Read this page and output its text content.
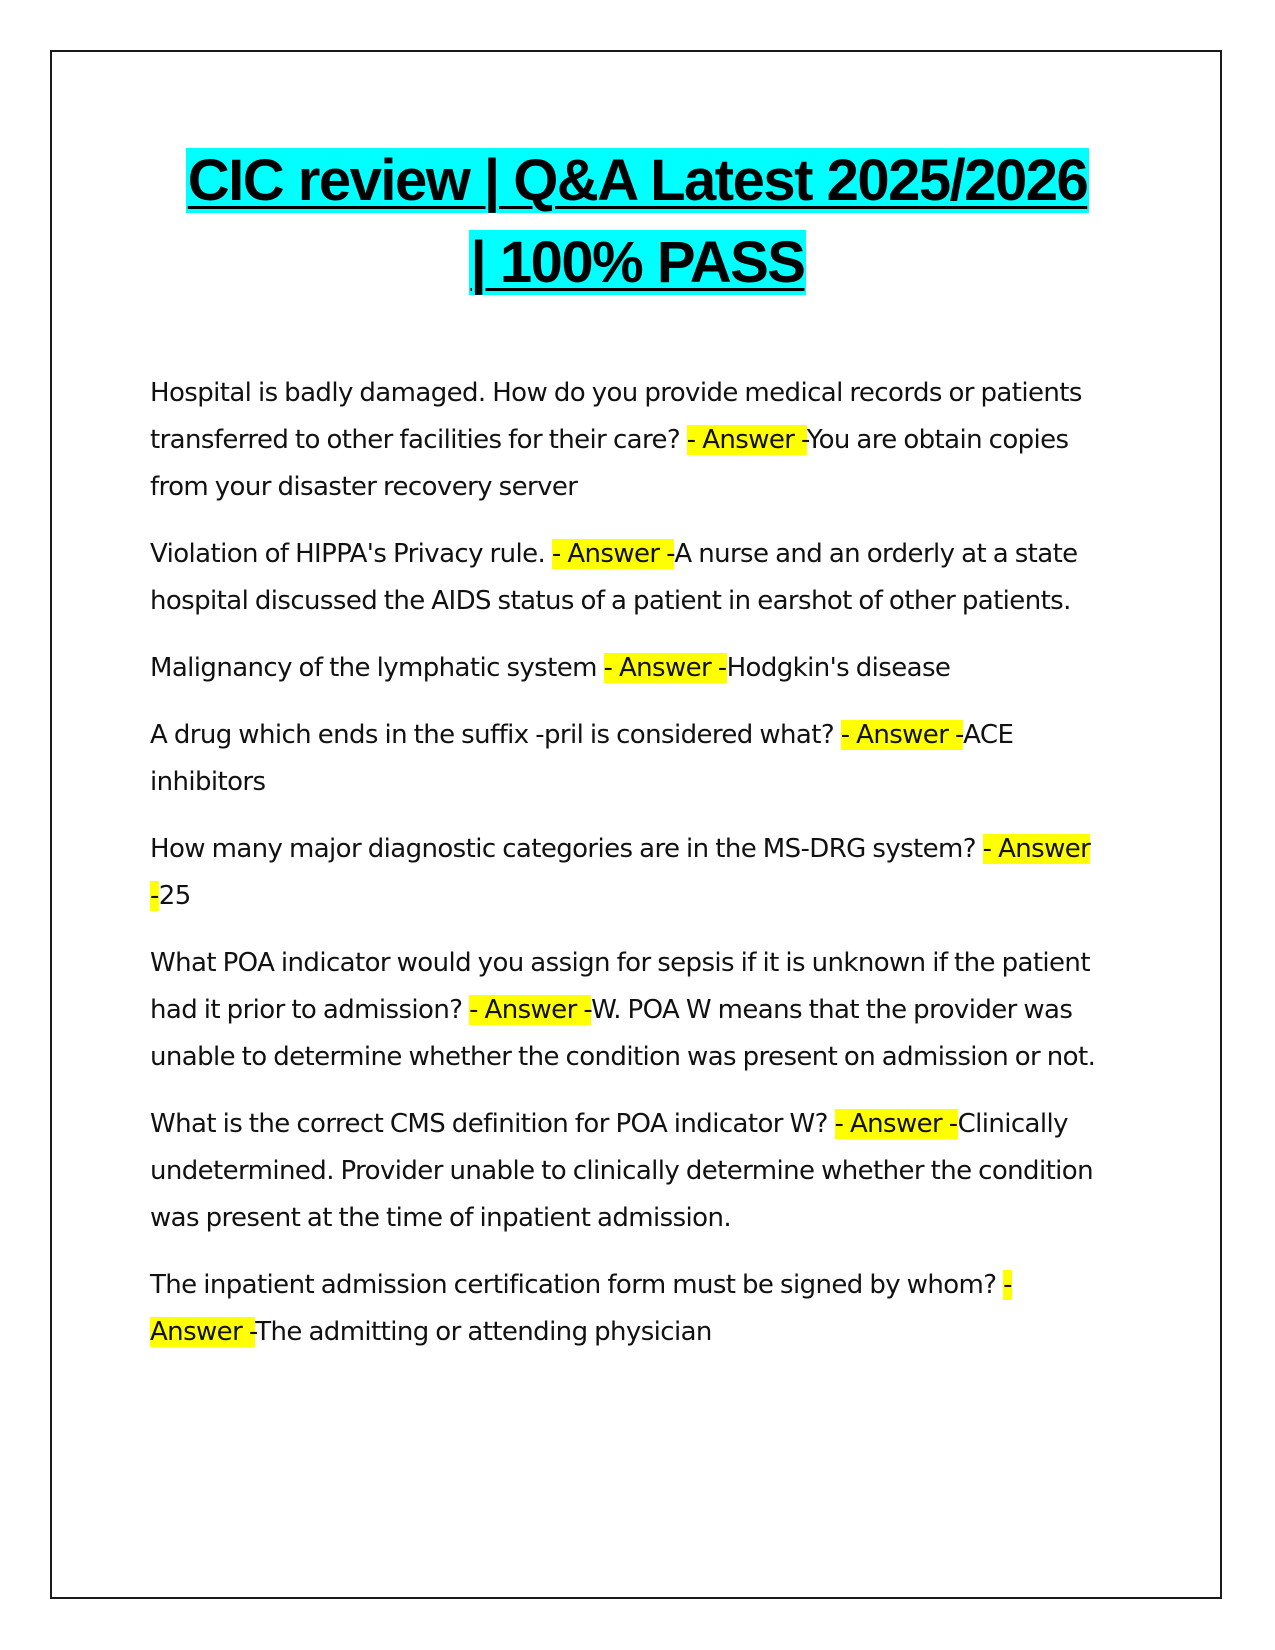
CIC review | Q&A Latest 2025/2026
| 100% PASS

Hospital is badly damaged. How do you provide medical records or patients transferred to other facilities for their care? - Answer -You are obtain copies from your disaster recovery server

Violation of HIPPA's Privacy rule. - Answer -A nurse and an orderly at a state hospital discussed the AIDS status of a patient in earshot of other patients.

Malignancy of the lymphatic system - Answer -Hodgkin's disease

A drug which ends in the suffix -pril is considered what? - Answer -ACE inhibitors

How many major diagnostic categories are in the MS-DRG system? - Answer -25

What POA indicator would you assign for sepsis if it is unknown if the patient had it prior to admission? - Answer -W. POA W means that the provider was unable to determine whether the condition was present on admission or not.

What is the correct CMS definition for POA indicator W? - Answer -Clinically undetermined. Provider unable to clinically determine whether the condition was present at the time of inpatient admission.

The inpatient admission certification form must be signed by whom? - Answer -The admitting or attending physician
